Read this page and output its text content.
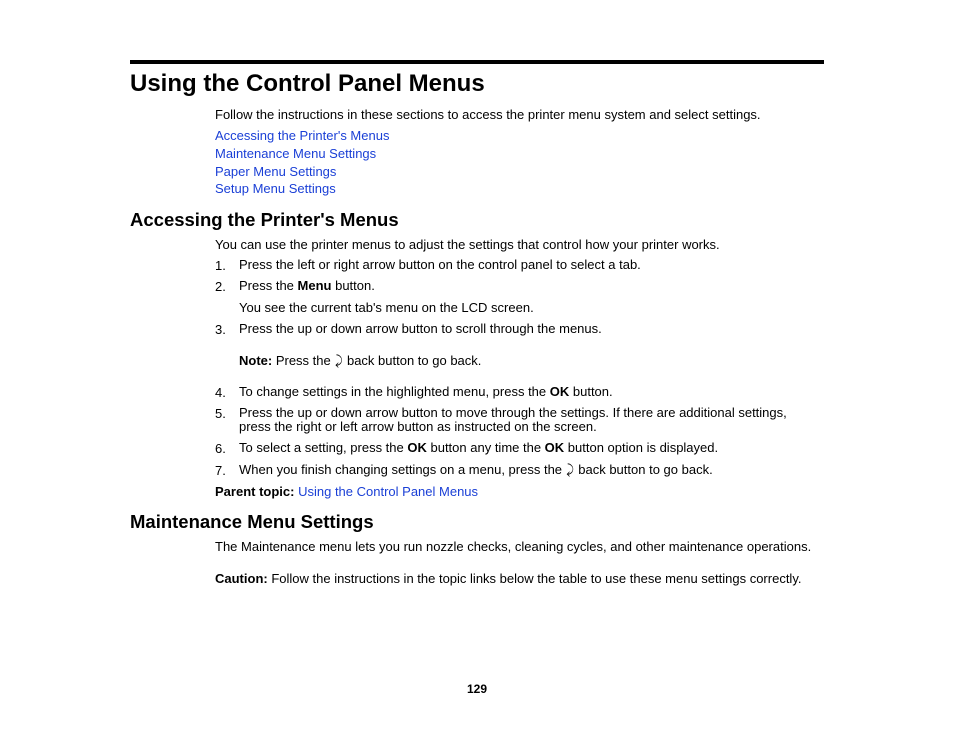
Using the Control Panel Menus

Follow the instructions in these sections to access the printer menu system and select settings.

Accessing the Printer's Menus

Maintenance Menu Settings

Paper Menu Settings

Setup Menu Settings

Accessing the Printer's Menus

You can use the printer menus to adjust the settings that control how your printer works.

1. Press the left or right arrow button on the control panel to select a tab.
2. Press the Menu button.
You see the current tab's menu on the LCD screen.
3. Press the up or down arrow button to scroll through the menus.
Note: Press the ⤸ back button to go back.
4. To change settings in the highlighted menu, press the OK button.
5. Press the up or down arrow button to move through the settings. If there are additional settings, press the right or left arrow button as instructed on the screen.
6. To select a setting, press the OK button any time the OK button option is displayed.
7. When you finish changing settings on a menu, press the ⤸ back button to go back.

Parent topic: Using the Control Panel Menus

Maintenance Menu Settings

The Maintenance menu lets you run nozzle checks, cleaning cycles, and other maintenance operations.

Caution: Follow the instructions in the topic links below the table to use these menu settings correctly.

129
